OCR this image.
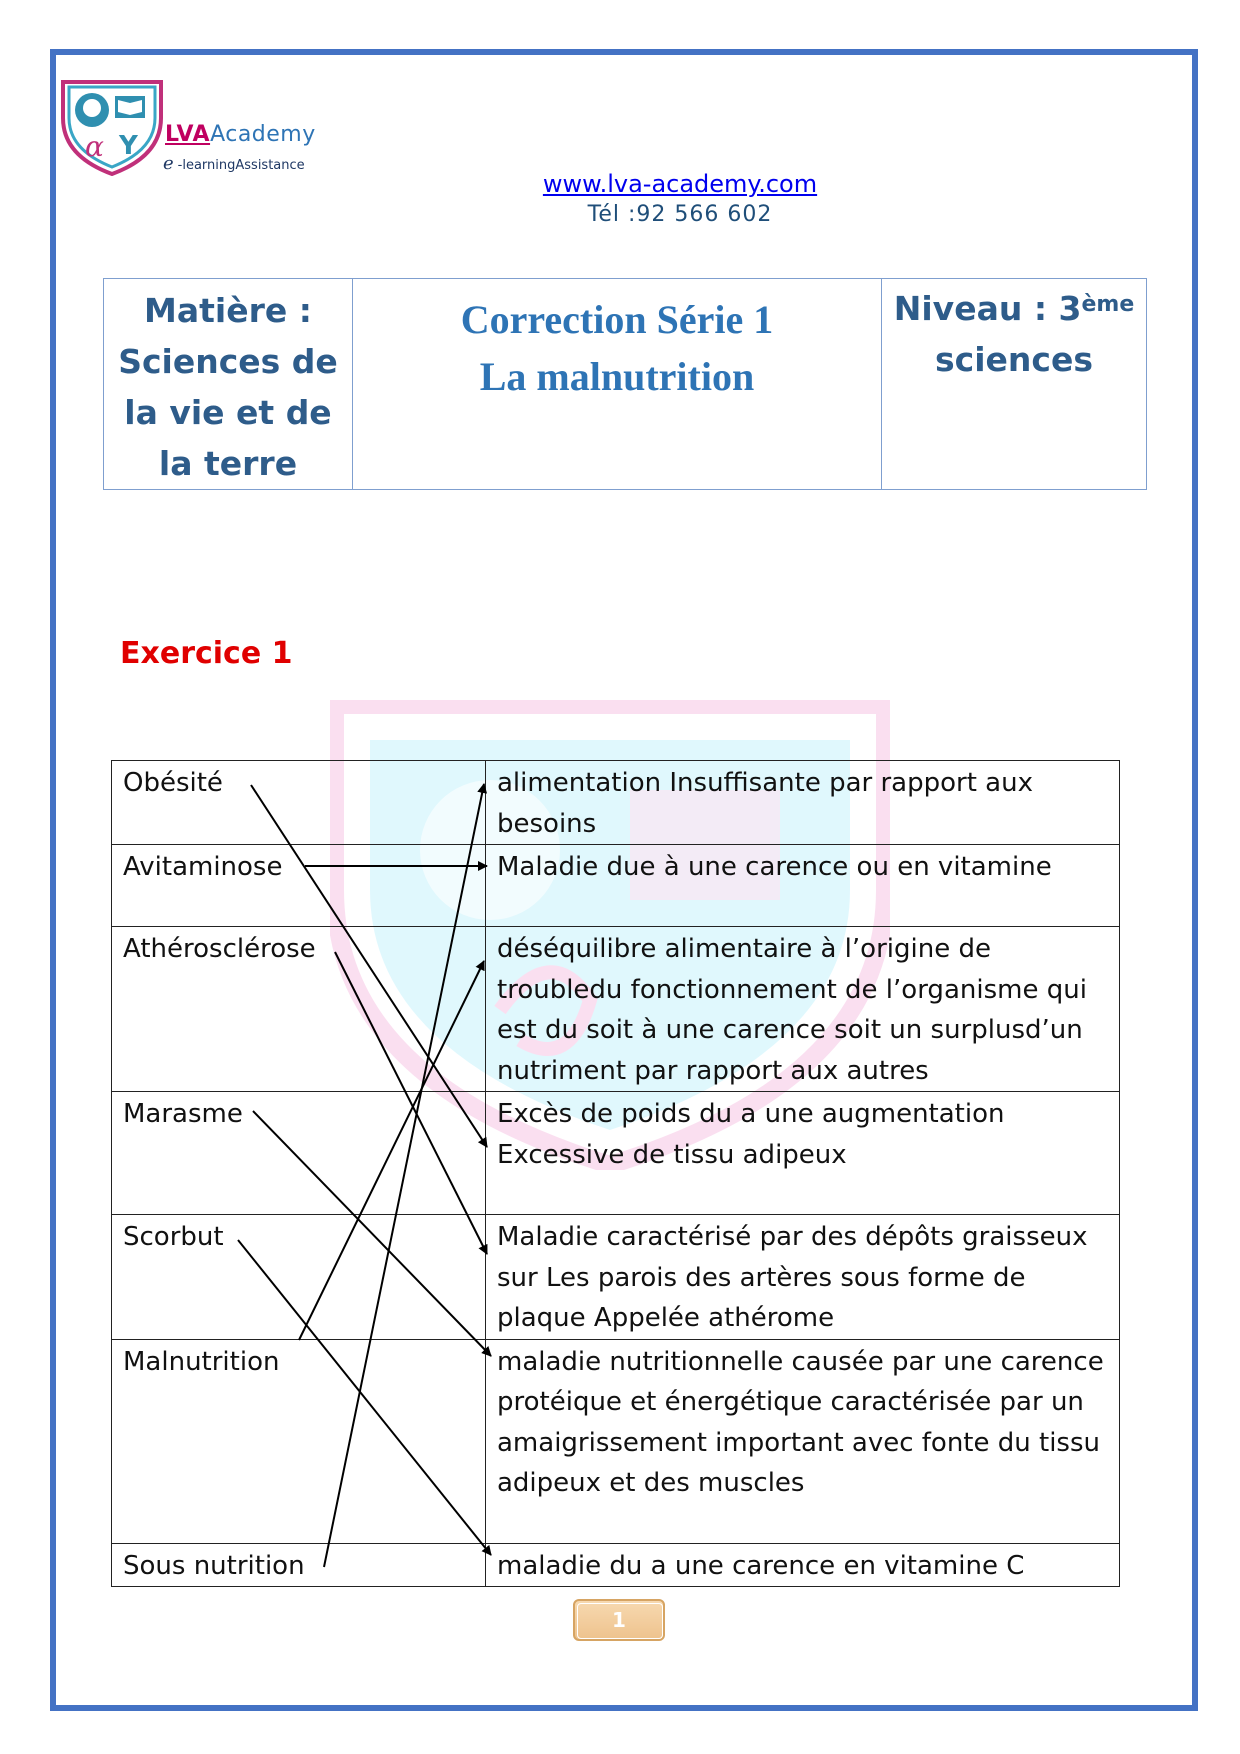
α Y LVAAcademy
e -learningAssistance
www.lva-academy.com
Tél :92 566 602
Matière :
Sciences de
la vie et de
la terre

Correction Série 1
La malnutrition

Niveau : 3ème
sciences
Exercice 1
Obésité	alimentation Insuffisante par rapport aux besoins
Avitaminose	Maladie due à une carence ou en vitamine
Athérosclérose	déséquilibre alimentaire à l’origine de troubledu fonctionnement de l’organisme qui est du soit à une carence soit un surplusd’un nutriment par rapport aux autres
Marasme	Excès de poids du a une augmentation Excessive de tissu adipeux
Scorbut	Maladie caractérisé par des dépôts graisseux sur Les parois des artères sous forme de plaque Appelée athérome
Malnutrition	maladie nutritionnelle causée par une carence protéique et énergétique caractérisée par un amaigrissement important avec fonte du tissu adipeux et des muscles
Sous nutrition	maladie du a une carence en vitamine C
1
